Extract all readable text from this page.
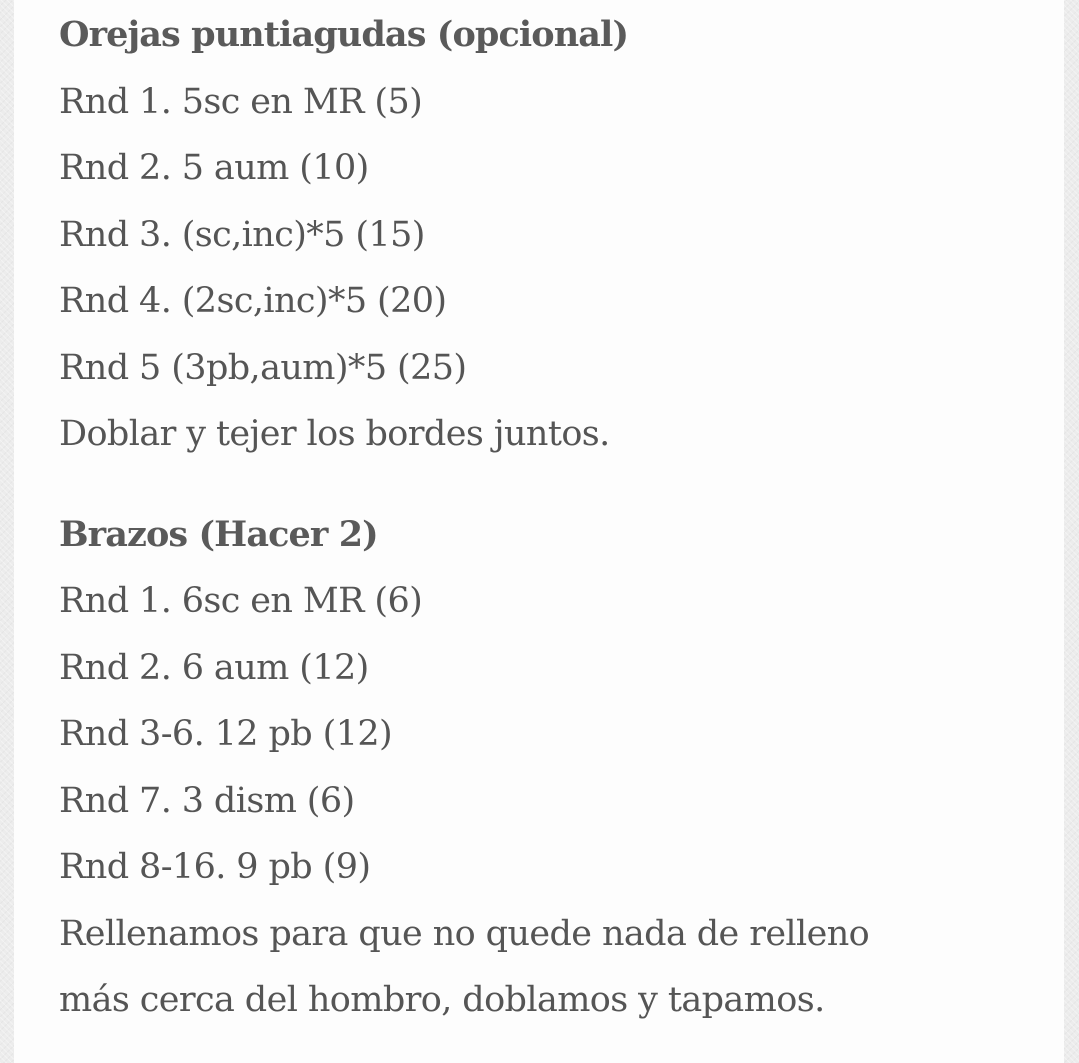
Orejas puntiagudas (opcional)
Rnd 1. 5sc en MR (5)
Rnd 2. 5 aum (10)
Rnd 3. (sc,inc)*5 (15)
Rnd 4. (2sc,inc)*5 (20)
Rnd 5 (3pb,aum)*5 (25)
Doblar y tejer los bordes juntos.
Brazos (Hacer 2)
Rnd 1. 6sc en MR (6)
Rnd 2. 6 aum (12)
Rnd 3-6. 12 pb (12)
Rnd 7. 3 dism (6)
Rnd 8-16. 9 pb (9)
Rellenamos para que no quede nada de relleno
más cerca del hombro, doblamos y tapamos.
